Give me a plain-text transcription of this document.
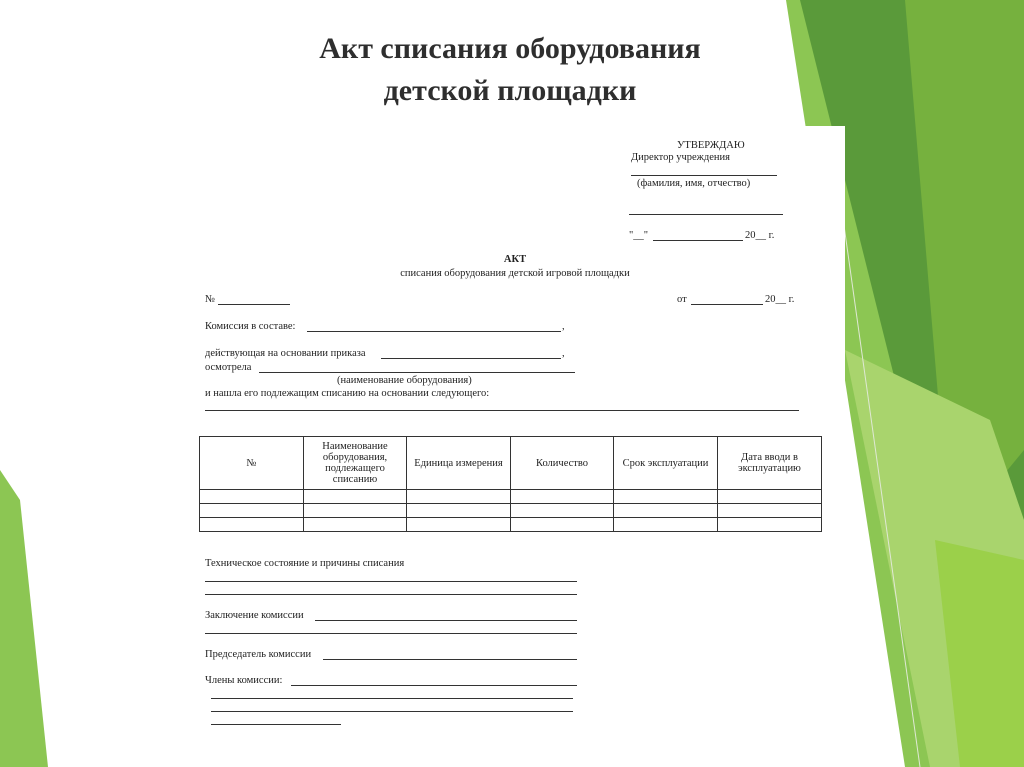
Акт списания оборудования
детской площадки
УТВЕРЖДАЮ
Директор учреждения
(фамилия, имя, отчество)
"__"	20__ г.
АКТ
списания оборудования детской игровой площадки
№	от	20__ г.
Комиссия в составе:	,
действующая на основании приказа	,
осмотрела
(наименование оборудования)
и нашла его подлежащим списанию на основании следующего:
№	Наименование оборудования, подлежащего списанию	Единица измерения	Количество	Срок эксплуатации	Дата вводи в эксплуатацию

Техническое состояние и причины списания
Заключение комиссии
Председатель комиссии
Члены комиссии:
